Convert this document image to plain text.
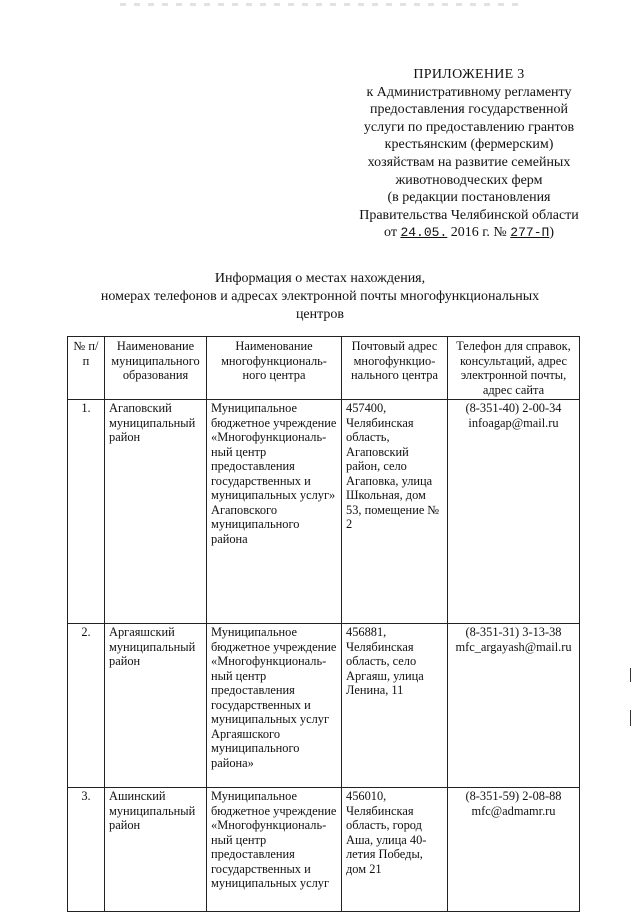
ПРИЛОЖЕНИЕ 3
к Административному регламенту
предоставления государственной
услуги по предоставлению грантов
крестьянским (фермерским)
хозяйствам на развитие семейных
животноводческих ферм
(в редакции постановления
Правительства Челябинской области
от 24.05. 2016 г. № 277-П)
Информация о местах нахождения,
номерах телефонов и адресах электронной почты многофункциональных
центров
№ п/п	Наименование муниципального образования	Наименование многофункциональ-ного центра	Почтовый адрес многофункцио-нального центра	Телефон для справок, консультаций, адрес электронной почты, адрес сайта
1.	Агаповский муниципальный район	Муниципальное бюджетное учреждение «Многофункциональ-ный центр предоставления государственных и муниципальных услуг» Агаповского муниципального района	457400, Челябинская область, Агаповский район, село Агаповка, улица Школьная, дом 53, помещение № 2	(8-351-40) 2-00-34
infoagap@mail.ru

2.	Аргаяшский муниципальный район	Муниципальное бюджетное учреждение «Многофункциональ-ный центр предоставления государственных и муниципальных услуг Аргаяшского муниципального района»	456881, Челябинская область, село Аргаяш, улица Ленина, 11	(8-351-31) 3-13-38
mfc_argayash@mail.ru

3.	Ашинский муниципальный район	Муниципальное бюджетное учреждение «Многофункциональ-ный центр предоставления государственных и муниципальных услуг	456010, Челябинская область, город Аша, улица 40-летия Победы, дом 21	(8-351-59) 2-08-88
mfc@admamr.ru
